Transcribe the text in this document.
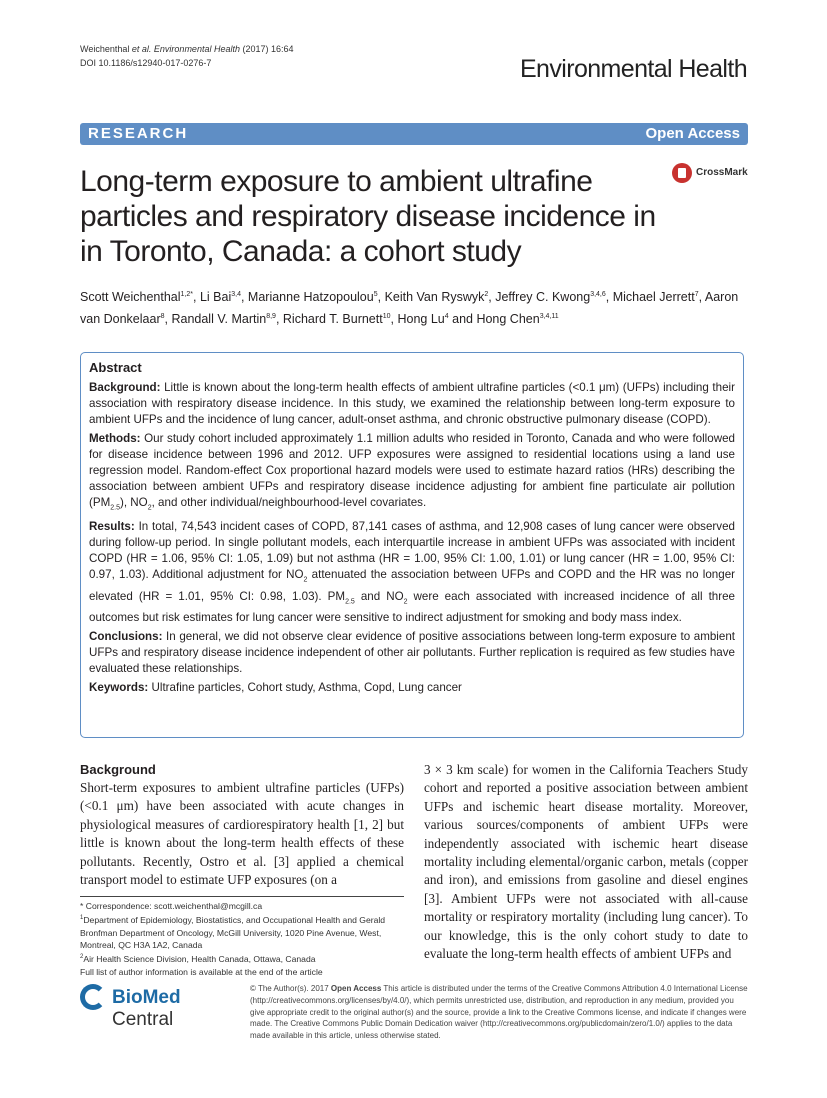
Weichenthal et al. Environmental Health (2017) 16:64
DOI 10.1186/s12940-017-0276-7	Environmental Health
RESEARCH	Open Access
CrossMark
Long-term exposure to ambient ultrafine particles and respiratory disease incidence in in Toronto, Canada: a cohort study
Scott Weichenthal$^{1,2*}$, Li Bai$^{3,4}$, Marianne Hatzopoulou$^5$, Keith Van Ryswyk$^2$, Jeffrey C. Kwong$^{3,4,6}$, Michael Jerrett$^7$, Aaron van Donkelaar$^8$, Randall V. Martin$^{8,9}$, Richard T. Burnett$^{10}$, Hong Lu$^4$ and Hong Chen$^{3,4,11}$
Abstract

Background: Little is known about the long-term health effects of ambient ultrafine particles (<0.1 μm) (UFPs) including their association with respiratory disease incidence. In this study, we examined the relationship between long-term exposure to ambient UFPs and the incidence of lung cancer, adult-onset asthma, and chronic obstructive pulmonary disease (COPD).

Methods: Our study cohort included approximately 1.1 million adults who resided in Toronto, Canada and who were followed for disease incidence between 1996 and 2012. UFP exposures were assigned to residential locations using a land use regression model. Random-effect Cox proportional hazard models were used to estimate hazard ratios (HRs) describing the association between ambient UFPs and respiratory disease incidence adjusting for ambient fine particulate air pollution $(PM_{2.5})$, $NO_2$, and other individual/neighbourhood-level covariates.

Results: In total, 74,543 incident cases of COPD, 87,141 cases of asthma, and 12,908 cases of lung cancer were observed during follow-up period. In single pollutant models, each interquartile increase in ambient UFPs was associated with incident COPD (HR = 1.06, 95% CI: 1.05, 1.09) but not asthma (HR = 1.00, 95% CI: 1.00, 1.01) or lung cancer (HR = 1.00, 95% CI: 0.97, 1.03). Additional adjustment for $NO_2$ attenuated the association between UFPs and COPD and the HR was no longer elevated (HR = 1.01, 95% CI: 0.98, 1.03). $PM_{2.5}$ and $NO_2$ were each associated with increased incidence of all three outcomes but risk estimates for lung cancer were sensitive to indirect adjustment for smoking and body mass index.

Conclusions: In general, we did not observe clear evidence of positive associations between long-term exposure to ambient UFPs and respiratory disease incidence independent of other air pollutants. Further replication is required as few studies have evaluated these relationships.

Keywords: Ultrafine particles, Cohort study, Asthma, Copd, Lung cancer

Background

Short-term exposures to ambient ultrafine particles (UFPs) (<0.1 μm) have been associated with acute changes in physiological measures of cardiorespiratory health [1, 2] but little is known about the long-term health effects of these pollutants. Recently, Ostro et al. [3] applied a chemical transport model to estimate UFP exposures (on a

3 × 3 km scale) for women in the California Teachers Study cohort and reported a positive association between ambient UFPs and ischemic heart disease mortality. Moreover, various sources/components of ambient UFPs were independently associated with ischemic heart disease mortality including elemental/organic carbon, metals (copper and iron), and emissions from gasoline and diesel engines [3]. Ambient UFPs were not associated with all-cause mortality or respiratory mortality (including lung cancer). To our knowledge, this is the only cohort study to date to evaluate the long-term health effects of ambient UFPs and

* Correspondence: scott.weichenthal@mcgill.ca
$^1$Department of Epidemiology, Biostatistics, and Occupational Health and Gerald Bronfman Department of Oncology, McGill University, 1020 Pine Avenue, West, Montreal, QC H3A 1A2, Canada
$^2$Air Health Science Division, Health Canada, Ottawa, Canada
Full list of author information is available at the end of the article
BioMed Central
© The Author(s). 2017 Open Access This article is distributed under the terms of the Creative Commons Attribution 4.0 International License (http://creativecommons.org/licenses/by/4.0/), which permits unrestricted use, distribution, and reproduction in any medium, provided you give appropriate credit to the original author(s) and the source, provide a link to the Creative Commons license, and indicate if changes were made. The Creative Commons Public Domain Dedication waiver (http://creativecommons.org/publicdomain/zero/1.0/) applies to the data made available in this article, unless otherwise stated.
